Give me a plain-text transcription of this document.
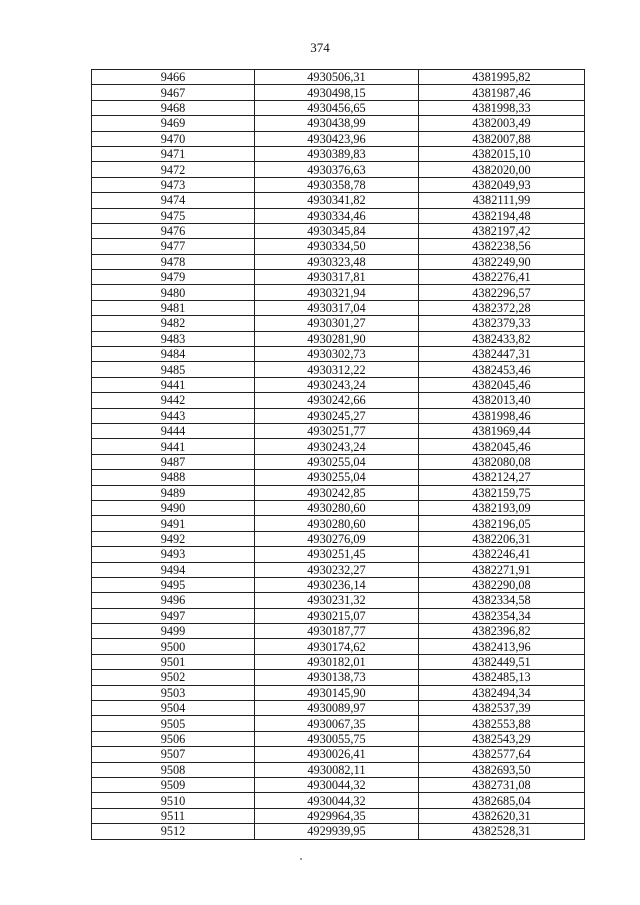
374
9466	4930506,31	4381995,82
9467	4930498,15	4381987,46
9468	4930456,65	4381998,33
9469	4930438,99	4382003,49
9470	4930423,96	4382007,88
9471	4930389,83	4382015,10
9472	4930376,63	4382020,00
9473	4930358,78	4382049,93
9474	4930341,82	4382111,99
9475	4930334,46	4382194,48
9476	4930345,84	4382197,42
9477	4930334,50	4382238,56
9478	4930323,48	4382249,90
9479	4930317,81	4382276,41
9480	4930321,94	4382296,57
9481	4930317,04	4382372,28
9482	4930301,27	4382379,33
9483	4930281,90	4382433,82
9484	4930302,73	4382447,31
9485	4930312,22	4382453,46
9441	4930243,24	4382045,46
9442	4930242,66	4382013,40
9443	4930245,27	4381998,46
9444	4930251,77	4381969,44
9441	4930243,24	4382045,46
9487	4930255,04	4382080,08
9488	4930255,04	4382124,27
9489	4930242,85	4382159,75
9490	4930280,60	4382193,09
9491	4930280,60	4382196,05
9492	4930276,09	4382206,31
9493	4930251,45	4382246,41
9494	4930232,27	4382271,91
9495	4930236,14	4382290,08
9496	4930231,32	4382334,58
9497	4930215,07	4382354,34
9499	4930187,77	4382396,82
9500	4930174,62	4382413,96
9501	4930182,01	4382449,51
9502	4930138,73	4382485,13
9503	4930145,90	4382494,34
9504	4930089,97	4382537,39
9505	4930067,35	4382553,88
9506	4930055,75	4382543,29
9507	4930026,41	4382577,64
9508	4930082,11	4382693,50
9509	4930044,32	4382731,08
9510	4930044,32	4382685,04
9511	4929964,35	4382620,31
9512	4929939,95	4382528,31
